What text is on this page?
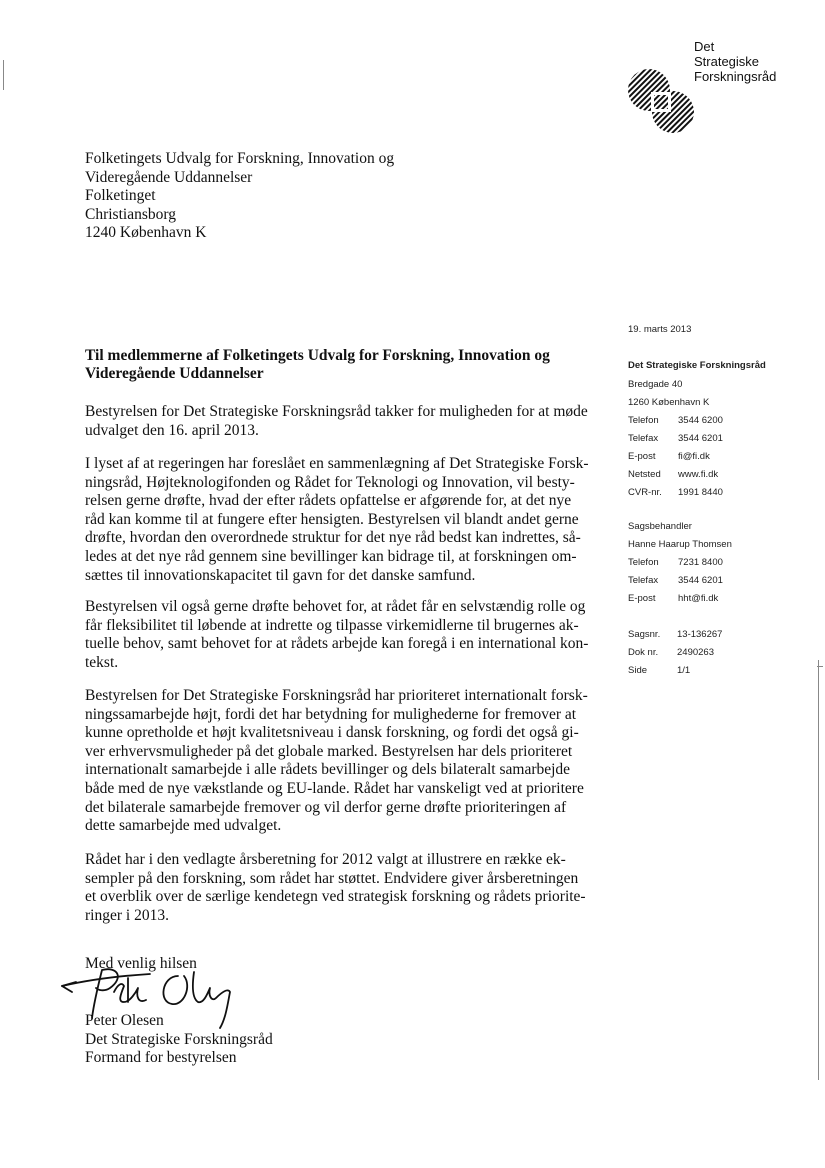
Det
Strategiske
Forskningsråd
Folketingets Udvalg for Forskning, Innovation og
Videregående Uddannelser
Folketinget
Christiansborg
1240 København K
19. marts 2013
Det Strategiske Forskningsråd
Bredgade 40
1260 København K
Telefon 3544 6200
Telefax 3544 6201
E-post fi@fi.dk
Netsted www.fi.dk
CVR-nr. 1991 8440
Sagsbehandler
Hanne Haarup Thomsen
Telefon 7231 8400
Telefax 3544 6201
E-post hht@fi.dk
Sagsnr. 13-136267
Dok nr. 2490263
Side	1/1
Til medlemmerne af Folketingets Udvalg for Forskning, Innovation og
Videregående Uddannelser
Bestyrelsen for Det Strategiske Forskningsråd takker for muligheden for at møde
udvalget den 16. april 2013.
I lyset af at regeringen har foreslået en sammenlægning af Det Strategiske Forsk-
ningsråd, Højteknologifonden og Rådet for Teknologi og Innovation, vil besty-
relsen gerne drøfte, hvad der efter rådets opfattelse er afgørende for, at det nye
råd kan komme til at fungere efter hensigten. Bestyrelsen vil blandt andet gerne
drøfte, hvordan den overordnede struktur for det nye råd bedst kan indrettes, så-
ledes at det nye råd gennem sine bevillinger kan bidrage til, at forskningen om-
sættes til innovationskapacitet til gavn for det danske samfund.
Bestyrelsen vil også gerne drøfte behovet for, at rådet får en selvstændig rolle og
får fleksibilitet til løbende at indrette og tilpasse virkemidlerne til brugernes ak-
tuelle behov, samt behovet for at rådets arbejde kan foregå i en international kon-
tekst.
Bestyrelsen for Det Strategiske Forskningsråd har prioriteret internationalt forsk-
ningssamarbejde højt, fordi det har betydning for mulighederne for fremover at
kunne opretholde et højt kvalitetsniveau i dansk forskning, og fordi det også gi-
ver erhvervsmuligheder på det globale marked. Bestyrelsen har dels prioriteret
internationalt samarbejde i alle rådets bevillinger og dels bilateralt samarbejde
både med de nye vækstlande og EU-lande. Rådet har vanskeligt ved at prioritere
det bilaterale samarbejde fremover og vil derfor gerne drøfte prioriteringen af
dette samarbejde med udvalget.
Rådet har i den vedlagte årsberetning for 2012 valgt at illustrere en række ek-
sempler på den forskning, som rådet har støttet. Endvidere giver årsberetningen
et overblik over de særlige kendetegn ved strategisk forskning og rådets priorite-
ringer i 2013.
Med venlig hilsen
Peter Olesen
Det Strategiske Forskningsråd
Formand for bestyrelsen
